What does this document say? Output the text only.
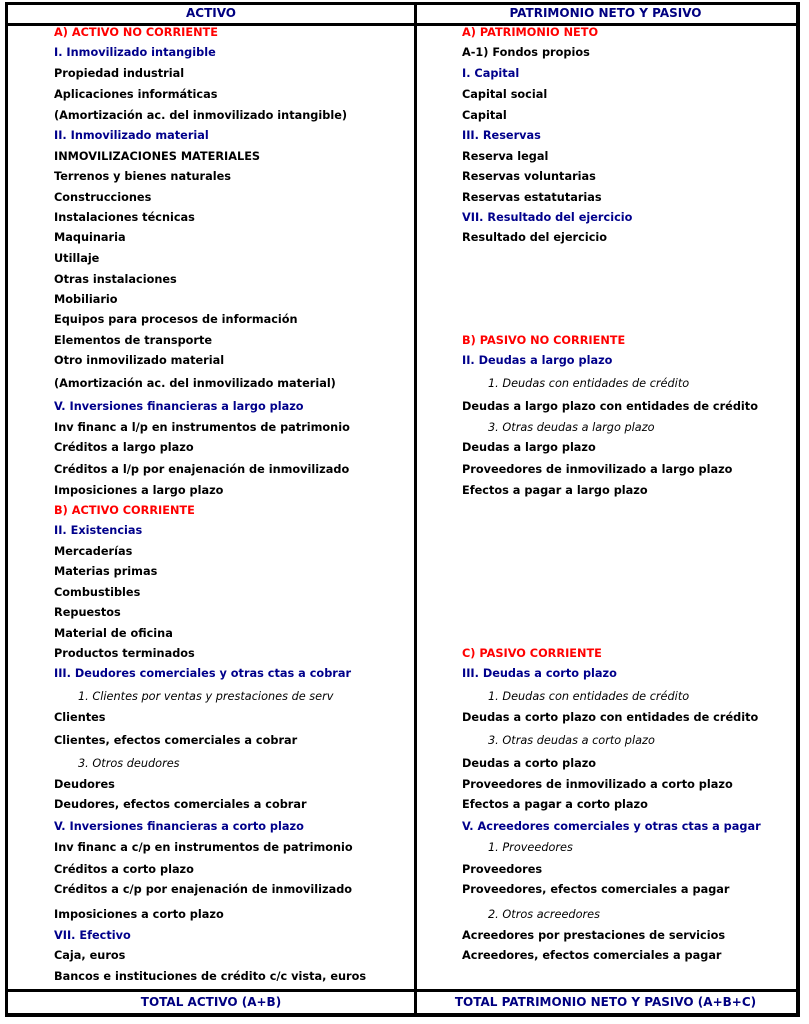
ACTIVO	PATRIMONIO NETO Y PASIVO
TOTAL ACTIVO (A+B)	TOTAL PATRIMONIO NETO Y PASIVO (A+B+C)
A) ACTIVO NO CORRIENTE
I. Inmovilizado intangible
Propiedad industrial
Aplicaciones informáticas
(Amortización ac. del inmovilizado intangible)
II. Inmovilizado material
INMOVILIZACIONES MATERIALES
Terrenos y bienes naturales
Construcciones
Instalaciones técnicas
Maquinaria
Utillaje
Otras instalaciones
Mobiliario
Equipos para procesos de información
Elementos de transporte
Otro inmovilizado material
(Amortización ac. del inmovilizado material)
V. Inversiones financieras a largo plazo
Inv financ a l/p en instrumentos de patrimonio
Créditos a largo plazo
Créditos a l/p por enajenación de inmovilizado
Imposiciones a largo plazo
B) ACTIVO CORRIENTE
II. Existencias
Mercaderías
Materias primas
Combustibles
Repuestos
Material de oficina
Productos terminados
III. Deudores comerciales y otras ctas a cobrar
1. Clientes por ventas y prestaciones de serv
Clientes
Clientes, efectos comerciales a cobrar
3. Otros deudores
Deudores
Deudores, efectos comerciales a cobrar
V. Inversiones financieras a corto plazo
Inv financ a c/p en instrumentos de patrimonio
Créditos a corto plazo
Créditos a c/p por enajenación de inmovilizado
Imposiciones a corto plazo
VII. Efectivo
Caja, euros
Bancos e instituciones de crédito c/c vista, euros
A) PATRIMONIO NETO
A-1) Fondos propios
I. Capital
Capital social
Capital
III. Reservas
Reserva legal
Reservas voluntarias
Reservas estatutarias
VII. Resultado del ejercicio
Resultado del ejercicio
B) PASIVO NO CORRIENTE
II. Deudas a largo plazo
1. Deudas con entidades de crédito
Deudas a largo plazo con entidades de crédito
3. Otras deudas a largo plazo
Deudas a largo plazo
Proveedores de inmovilizado a largo plazo
Efectos a pagar a largo plazo
C) PASIVO CORRIENTE
III. Deudas a corto plazo
1. Deudas con entidades de crédito
Deudas a corto plazo con entidades de crédito
3. Otras deudas a corto plazo
Deudas a corto plazo
Proveedores de inmovilizado a corto plazo
Efectos a pagar a corto plazo
V. Acreedores comerciales y otras ctas a pagar
1. Proveedores
Proveedores
Proveedores, efectos comerciales a pagar
2. Otros acreedores
Acreedores por prestaciones de servicios
Acreedores, efectos comerciales a pagar
